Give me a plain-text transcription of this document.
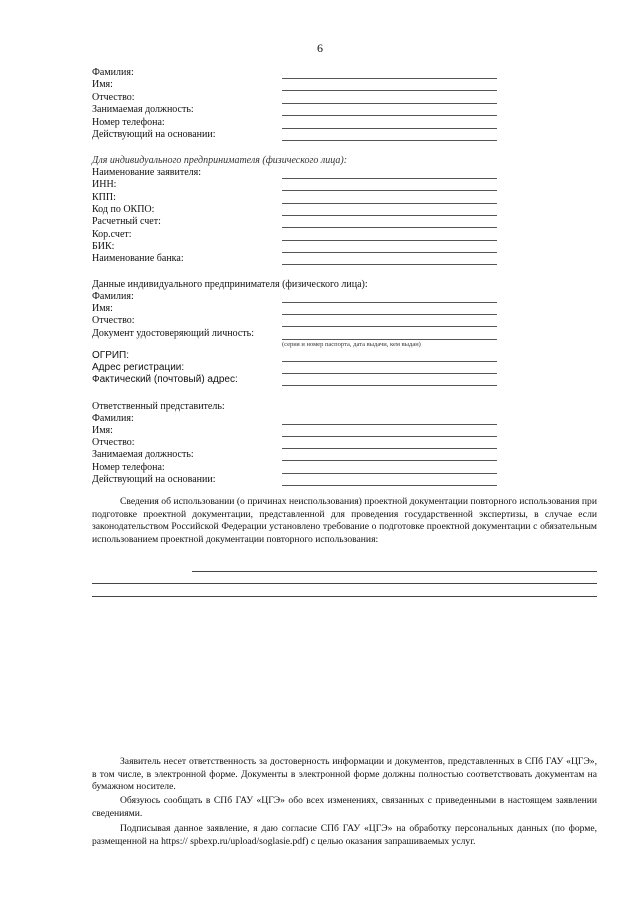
6
Фамилия:
Имя:
Отчество:
Занимаемая должность:
Номер телефона:
Действующий на основании:
Для индивидуального предпринимателя (физического лица):
Наименование заявителя:
ИНН:
КПП:
Код по ОКПО:
Расчетный счет:
Кор.счет:
БИК:
Наименование банка:
Данные индивидуального предпринимателя (физического лица):
Фамилия:
Имя:
Отчество:
Документ удостоверяющий личность:
(серия и номер паспорта, дата выдачи, кем выдан)
ОГРИП:
Адрес регистрации:
Фактический (почтовый) адрес:
Ответственный представитель:
Фамилия:
Имя:
Отчество:
Занимаемая должность:
Номер телефона:
Действующий на основании:
Сведения об использовании (о причинах неиспользования) проектной документации повторного использования при подготовке проектной документации, представленной для проведения государственной экспертизы, в случае если законодательством Российской Федерации установлено требование о подготовке проектной документации с обязательным использованием проектной документации повторного использования:
Заявитель несет ответственность за достоверность информации и документов, представленных в СПб ГАУ «ЦГЭ», в том числе, в электронной форме. Документы в электронной форме должны полностью соответствовать документам на бумажном носителе.
Обязуюсь сообщать в СПб ГАУ «ЦГЭ» обо всех изменениях, связанных с приведенными в настоящем заявлении сведениями.
Подписывая данное заявление, я даю согласие СПб ГАУ «ЦГЭ» на обработку персональных данных (по форме, размещенной на https:// spbexp.ru/upload/soglasie.pdf) с целью оказания запрашиваемых услуг.
